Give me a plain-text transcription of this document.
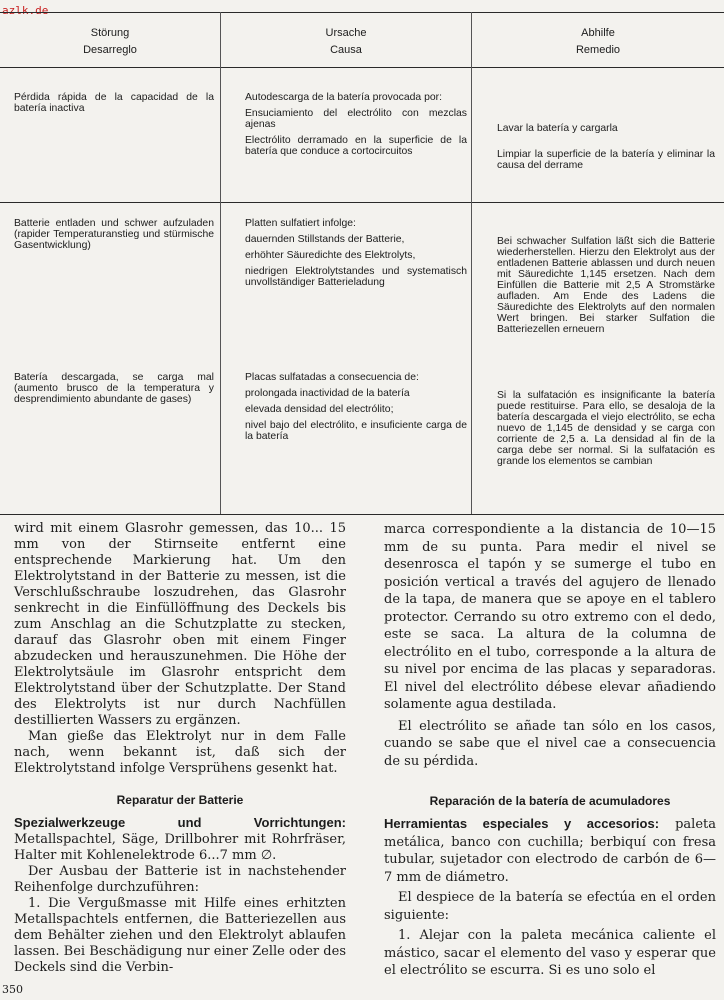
azlk.de
Störung
Desarreglo
Ursache
Causa
Abhilfe
Remedio

Pérdida rápida de la capacidad de la batería inactiva

Autodescarga de la batería provocada por:

Ensuciamiento del electrólito con mezclas ajenas

Electrólito derramado en la superficie de la batería que conduce a cortocircuitos

Lavar la batería y cargarla

Limpiar la superficie de la batería y eliminar la causa del derrame

Batterie entladen und schwer aufzuladen (rapider Temperaturanstieg und stürmische Gasentwicklung)

Platten sulfatiert infolge:

dauernden Stillstands der Batterie,

erhöhter Säuredichte des Elektrolyts,

niedrigen Elektrolytstandes und systematisch unvollständiger Batterieladung

Bei schwacher Sulfation läßt sich die Batterie wiederherstellen. Hierzu den Elektrolyt aus der entladenen Batterie ablassen und durch neuen mit Säuredichte 1,145 ersetzen. Nach dem Einfüllen die Batterie mit 2,5 A Stromstärke aufladen. Am Ende des Ladens die Säuredichte des Elektrolyts auf den normalen Wert bringen. Bei starker Sulfation die Batteriezellen erneuern

Batería descargada, se carga mal (aumento brusco de la temperatura y desprendimiento abundante de gases)

Placas sulfatadas a consecuencia de:

prolongada inactividad de la batería

elevada densidad del electrólito;

nivel bajo del electrólito, e insuficiente carga de la batería

Si la sulfatación es insignificante la batería puede restituirse. Para ello, se desaloja de la batería descargada el viejo electrólito, se echa nuevo de 1,145 de densidad y se carga con corriente de 2,5 a. La densidad al fin de la carga debe ser normal. Si la sulfatación es grande los elementos se cambian

wird mit einem Glasrohr gemessen, das 10... 15 mm von der Stirnseite entfernt eine entsprechende Markierung hat. Um den Elektrolytstand in der Batterie zu messen, ist die Verschlußschraube loszudrehen, das Glasrohr senkrecht in die Einfüllöffnung des Deckels bis zum Anschlag an die Schutzplatte zu stecken, darauf das Glasrohr oben mit einem Finger abzudecken und herauszunehmen. Die Höhe der Elektrolytsäule im Glasrohr entspricht dem Elektrolytstand über der Schutzplatte. Der Stand des Elektrolyts ist nur durch Nachfüllen destillierten Wassers zu ergänzen.

Man gieße das Elektrolyt nur in dem Falle nach, wenn bekannt ist, daß sich der Elektrolytstand infolge Versprühens gesenkt hat.

Reparatur der Batterie

Spezialwerkzeuge und Vorrichtungen: Metallspachtel, Säge, Drillbohrer mit Rohrfräser, Halter mit Kohlenelektrode 6...7 mm ∅.

Der Ausbau der Batterie ist in nachstehender Reihenfolge durchzuführen:

1. Die Vergußmasse mit Hilfe eines erhitzten Metallspachtels entfernen, die Batteriezellen aus dem Behälter ziehen und den Elektrolyt ablaufen lassen. Bei Beschädigung nur einer Zelle oder des Deckels sind die Verbin-

marca correspondiente a la distancia de 10—15 mm de su punta. Para medir el nivel se desenrosca el tapón y se sumerge el tubo en posición vertical a través del agujero de llenado de la tapa, de manera que se apoye en el tablero protector. Cerrando su otro extremo con el dedo, este se saca. La altura de la columna de electrólito en el tubo, corresponde a la altura de su nivel por encima de las placas y separadoras. El nivel del electrólito débese elevar añadiendo solamente agua destilada.

El electrólito se añade tan sólo en los casos, cuando se sabe que el nivel cae a consecuencia de su pérdida.

Reparación de la batería de acumuladores

Herramientas especiales y accesorios: paleta metálica, banco con cuchilla; berbiquí con fresa tubular, sujetador con electrodo de carbón de 6—7 mm de diámetro.

El despiece de la batería se efectúa en el orden siguiente:

1. Alejar con la paleta mecánica caliente el mástico, sacar el elemento del vaso y esperar que el electrólito se escurra. Si es uno solo el

350
